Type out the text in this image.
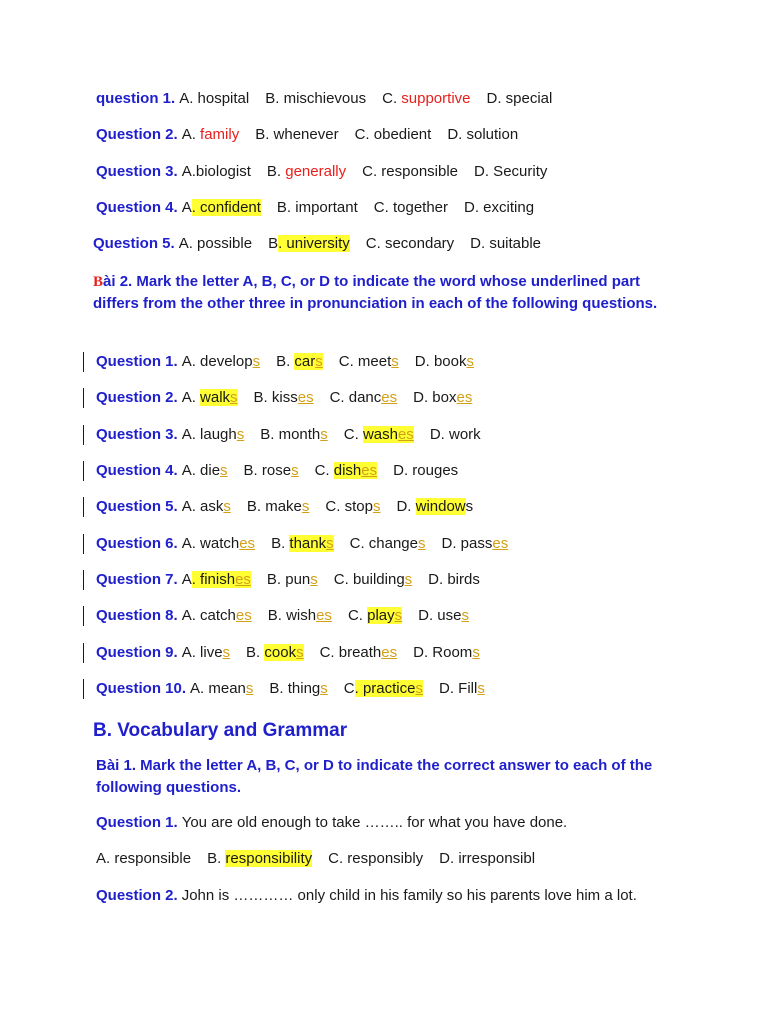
question 1. A. hospital B. mischievous C. supportive D. special
Question 2. A. family B. whenever C. obedient D. solution
Question 3. A.biologist B. generally C. responsible D. Security
Question 4. A. confident B. important C. together D. exciting
Question 5. A. possible B. university C. secondary D. suitable
Bài 2. Mark the letter A, B, C, or D to indicate the word whose underlined part differs from the other three in pronunciation in each of the following questions.
Question 1. A. develops B. cars C. meets D. books
Question 2. A. walks B. kisses C. dances D. boxes
Question 3. A. laughs B. months C. washes D. work
Question 4. A. dies B. roses C. dishes D. rouges
Question 5. A. asks B. makes C. stops D. windows
Question 6. A. watches B. thanks C. changes D. passes
Question 7. A. finishes B. puns C. buildings D. birds
Question 8. A. catches B. wishes C. plays D. uses
Question 9. A. lives B. cooks C. breathes D. Rooms
Question 10. A. means B. things C. practices D. Fills
B. Vocabulary and Grammar
Bài 1. Mark the letter A, B, C, or D to indicate the correct answer to each of the following questions.
Question 1. You are old enough to take …….. for what you have done.
A. responsible B. responsibility C. responsibly D. irresponsibl
Question 2. John is ………… only child in his family so his parents love him a lot.
